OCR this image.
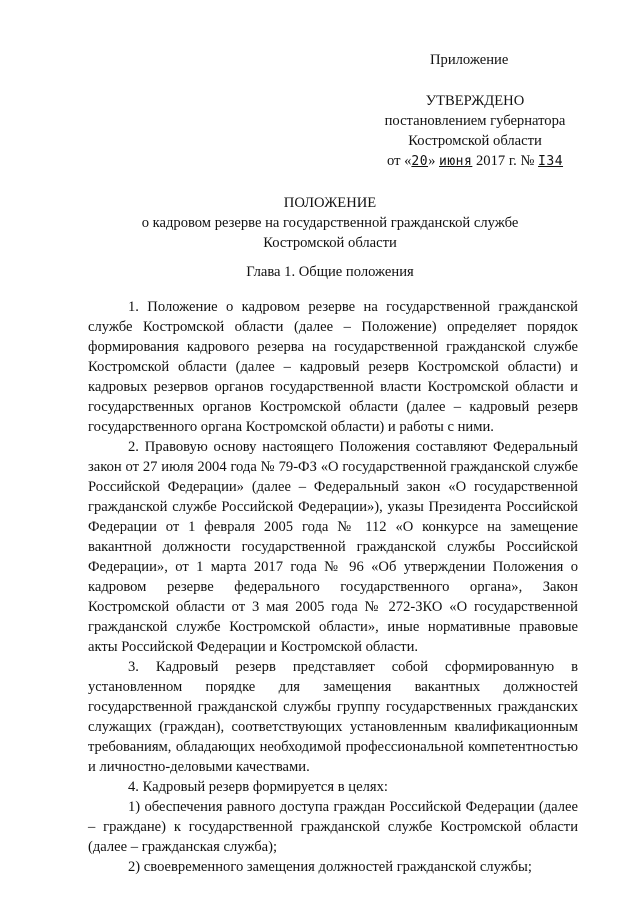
Приложение
УТВЕРЖДЕНО
постановлением губернатора
Костромской области
от «20» июня 2017 г. № I34
ПОЛОЖЕНИЕ
о кадровом резерве на государственной гражданской службе
Костромской области
Глава 1. Общие положения

1. Положение о кадровом резерве на государственной гражданской службе Костромской области (далее – Положение) определяет порядок формирования кадрового резерва на государственной гражданской службе Костромской области (далее – кадровый резерв Костромской области) и кадровых резервов органов государственной власти Костромской области и государственных органов Костромской области (далее – кадровый резерв государственного органа Костромской области) и работы с ними.

2. Правовую основу настоящего Положения составляют Федеральный закон от 27 июля 2004 года № 79-ФЗ «О государственной гражданской службе Российской Федерации» (далее – Федеральный закон «О государственной гражданской службе Российской Федерации»), указы Президента Российской Федерации от 1 февраля 2005 года № 112 «О конкурсе на замещение вакантной должности государственной гражданской службы Российской Федерации», от 1 марта 2017 года № 96 «Об утверждении Положения о кадровом резерве федерального государственного органа», Закон Костромской области от 3 мая 2005 года № 272-ЗКО «О государственной гражданской службе Костромской области», иные нормативные правовые акты Российской Федерации и Костромской области.

3. Кадровый резерв представляет собой сформированную в установленном порядке для замещения вакантных должностей государственной гражданской службы группу государственных гражданских служащих (граждан), соответствующих установленным квалификационным требованиям, обладающих необходимой профессиональной компетентностью и личностно-деловыми качествами.

4. Кадровый резерв формируется в целях:

1) обеспечения равного доступа граждан Российской Федерации (далее – граждане) к государственной гражданской службе Костромской области (далее – гражданская служба);

2) своевременного замещения должностей гражданской службы;
